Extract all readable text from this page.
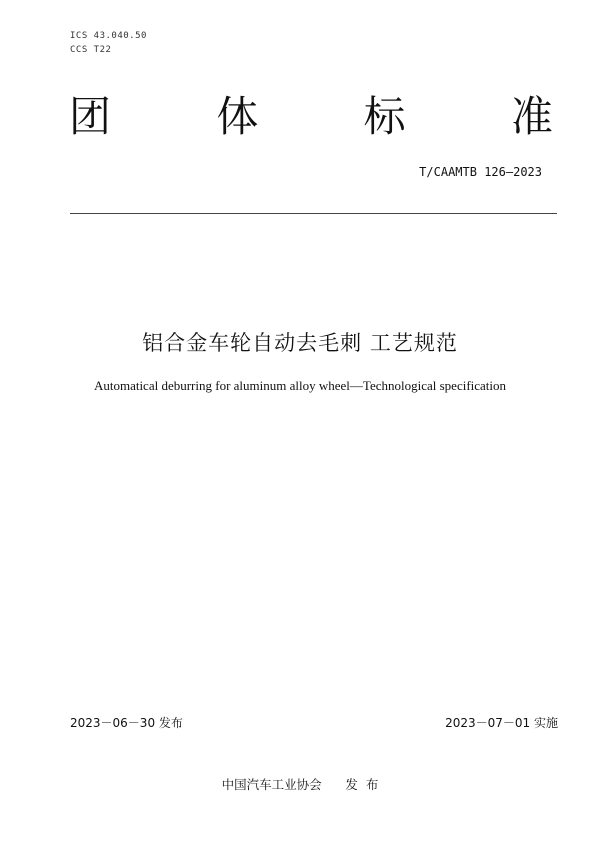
ICS 43.040.50
CCS T22
团	体	标	准
T/CAAMTB 126—2023
铝合金车轮自动去毛刺 工艺规范
Automatical deburring for aluminum alloy wheel—Technological specification
2023－06－30 发布	2023－07－01 实施
中国汽车工业协会      发  布
